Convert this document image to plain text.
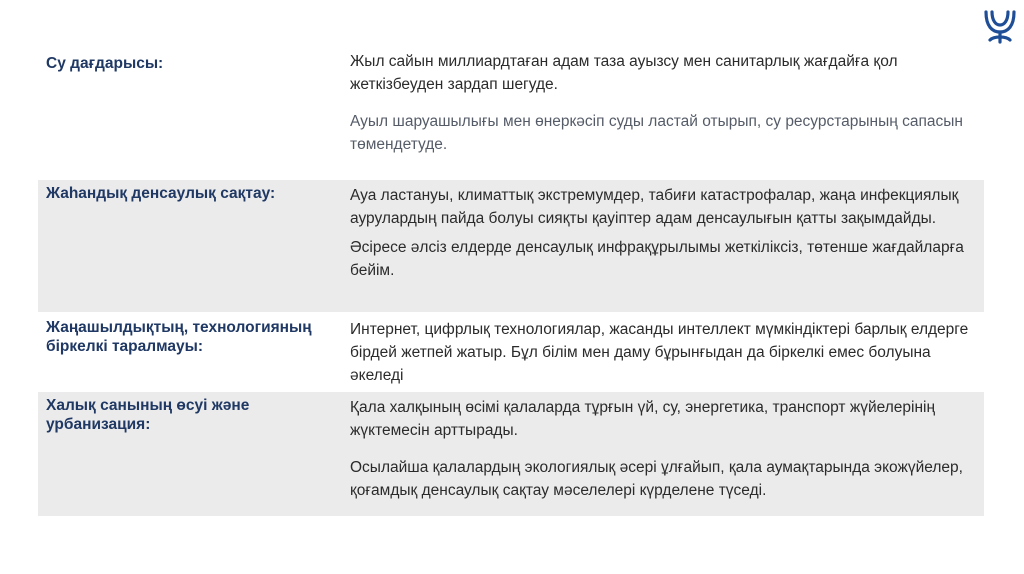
Су дағдарысы:	Жыл сайын миллиардтаған адам таза ауызсу мен санитарлық жағдайға қол жеткізбеуден зардап шегуде.

Ауыл шаруашылығы мен өнеркәсіп суды ластай отырып, су ресурстарының сапасын төмендетуде.

Жаһандық денсаулық сақтау:	Ауа ластануы, климаттық экстремумдер, табиғи катастрофалар, жаңа инфекциялық аурулардың пайда болуы сияқты қауіптер адам денсаулығын қатты зақымдайды.

Әсіресе әлсіз елдерде денсаулық инфрақұрылымы жеткіліксіз, төтенше жағдайларға бейім.

Жаңашылдықтың, технологияның біркелкі таралмауы:

Интернет, цифрлық технологиялар, жасанды интеллект мүмкіндіктері барлық елдерге бірдей жетпей жатыр. Бұл білім мен даму бұрынғыдан да біркелкі емес болуына әкеледі

Халық санының өсуі және урбанизация:

Қала халқының өсімі қалаларда тұрғын үй, су, энергетика, транспорт жүйелерінің жүктемесін арттырады.

Осылайша қалалардың экологиялық әсері ұлғайып, қала аумақтарында экожүйелер, қоғамдық денсаулық сақтау мәселелері күрделене түседі.
